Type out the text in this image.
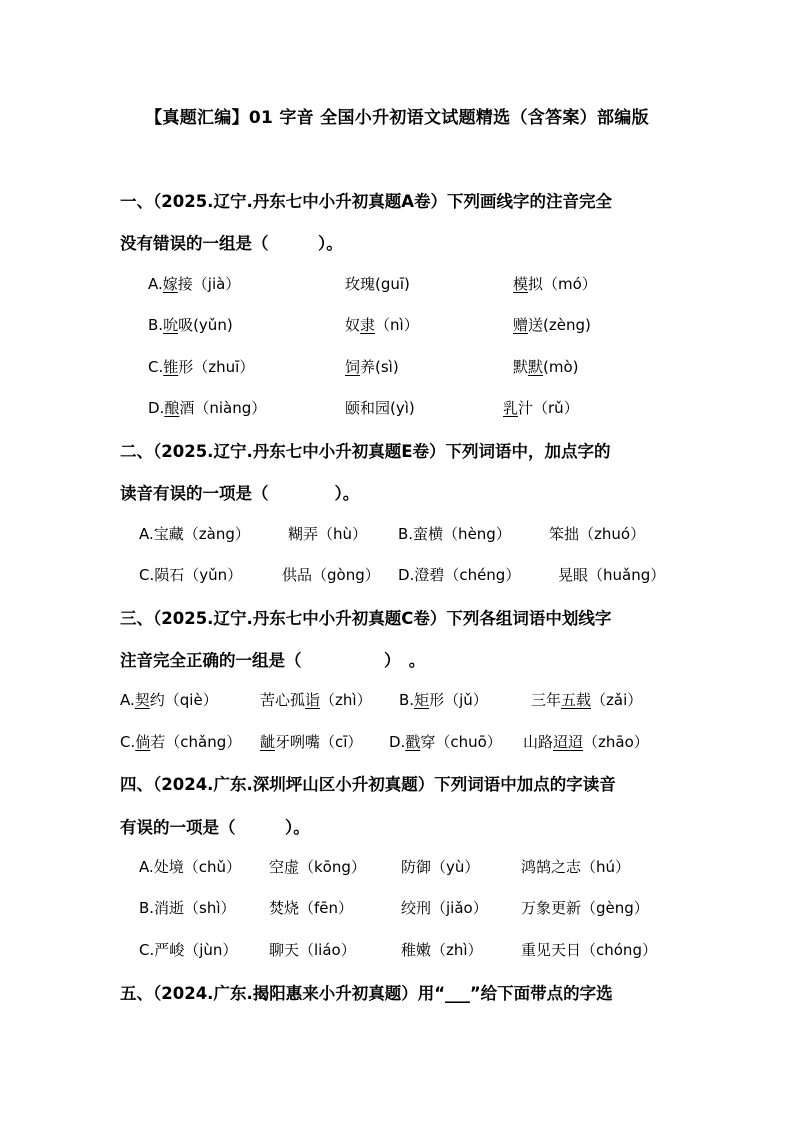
【真题汇编】01 字音 全国小升初语文试题精选（含答案）部编版
一、（2025.辽宁.丹东七中小升初真题A卷）下列画线字的注音完全
没有错误的一组是（　　　）。
A.嫁接（jià）	玫瑰(guī)	模拟（mó）
B.吮吸(yǔn)	奴隶（nì）	赠送(zèng)
C.锥形（zhuī）	饲养(sì)	默默(mò)
D.酿酒（niàng）	颐和园(yì)	乳汁（rǔ）
二、（2025.辽宁.丹东七中小升初真题E卷）下列词语中，加点字的
读音有误的一项是（　　　　）。
A.宝藏（zàng）	糊弄（hù） B.蛮横（hèng）	笨拙（zhuó）
C.陨石（yǔn）	供品（gòng） D.澄碧（chéng）	晃眼（huǎng）
三、（2025.辽宁.丹东七中小升初真题C卷）下列各组词语中划线字
注音完全正确的一组是（　　　　　）　。
A.契约（qiè）	苦心孤诣（zhì） B.矩形（jǔ）	三年五载（zǎi）
C.倘若（chǎng） 龇牙咧嘴（cī） D.戳穿（chuō） 山路迢迢（zhāo）
四、（2024.广东.深圳坪山区小升初真题）下列词语中加点的字读音
有误的一项是（　　　）。
A.处境（chǔ） 空虚（kōng） 防御（yù）	鸿鹄之志（hú）
B.消逝（shì） 焚烧（fēn）	绞刑（jiǎo） 万象更新（gèng）
C.严峻（jùn） 聊天（liáo）	稚嫩（zhì）	重见天日（chóng）
五、（2024.广东.揭阳惠来小升初真题）用“___”给下面带点的字选
